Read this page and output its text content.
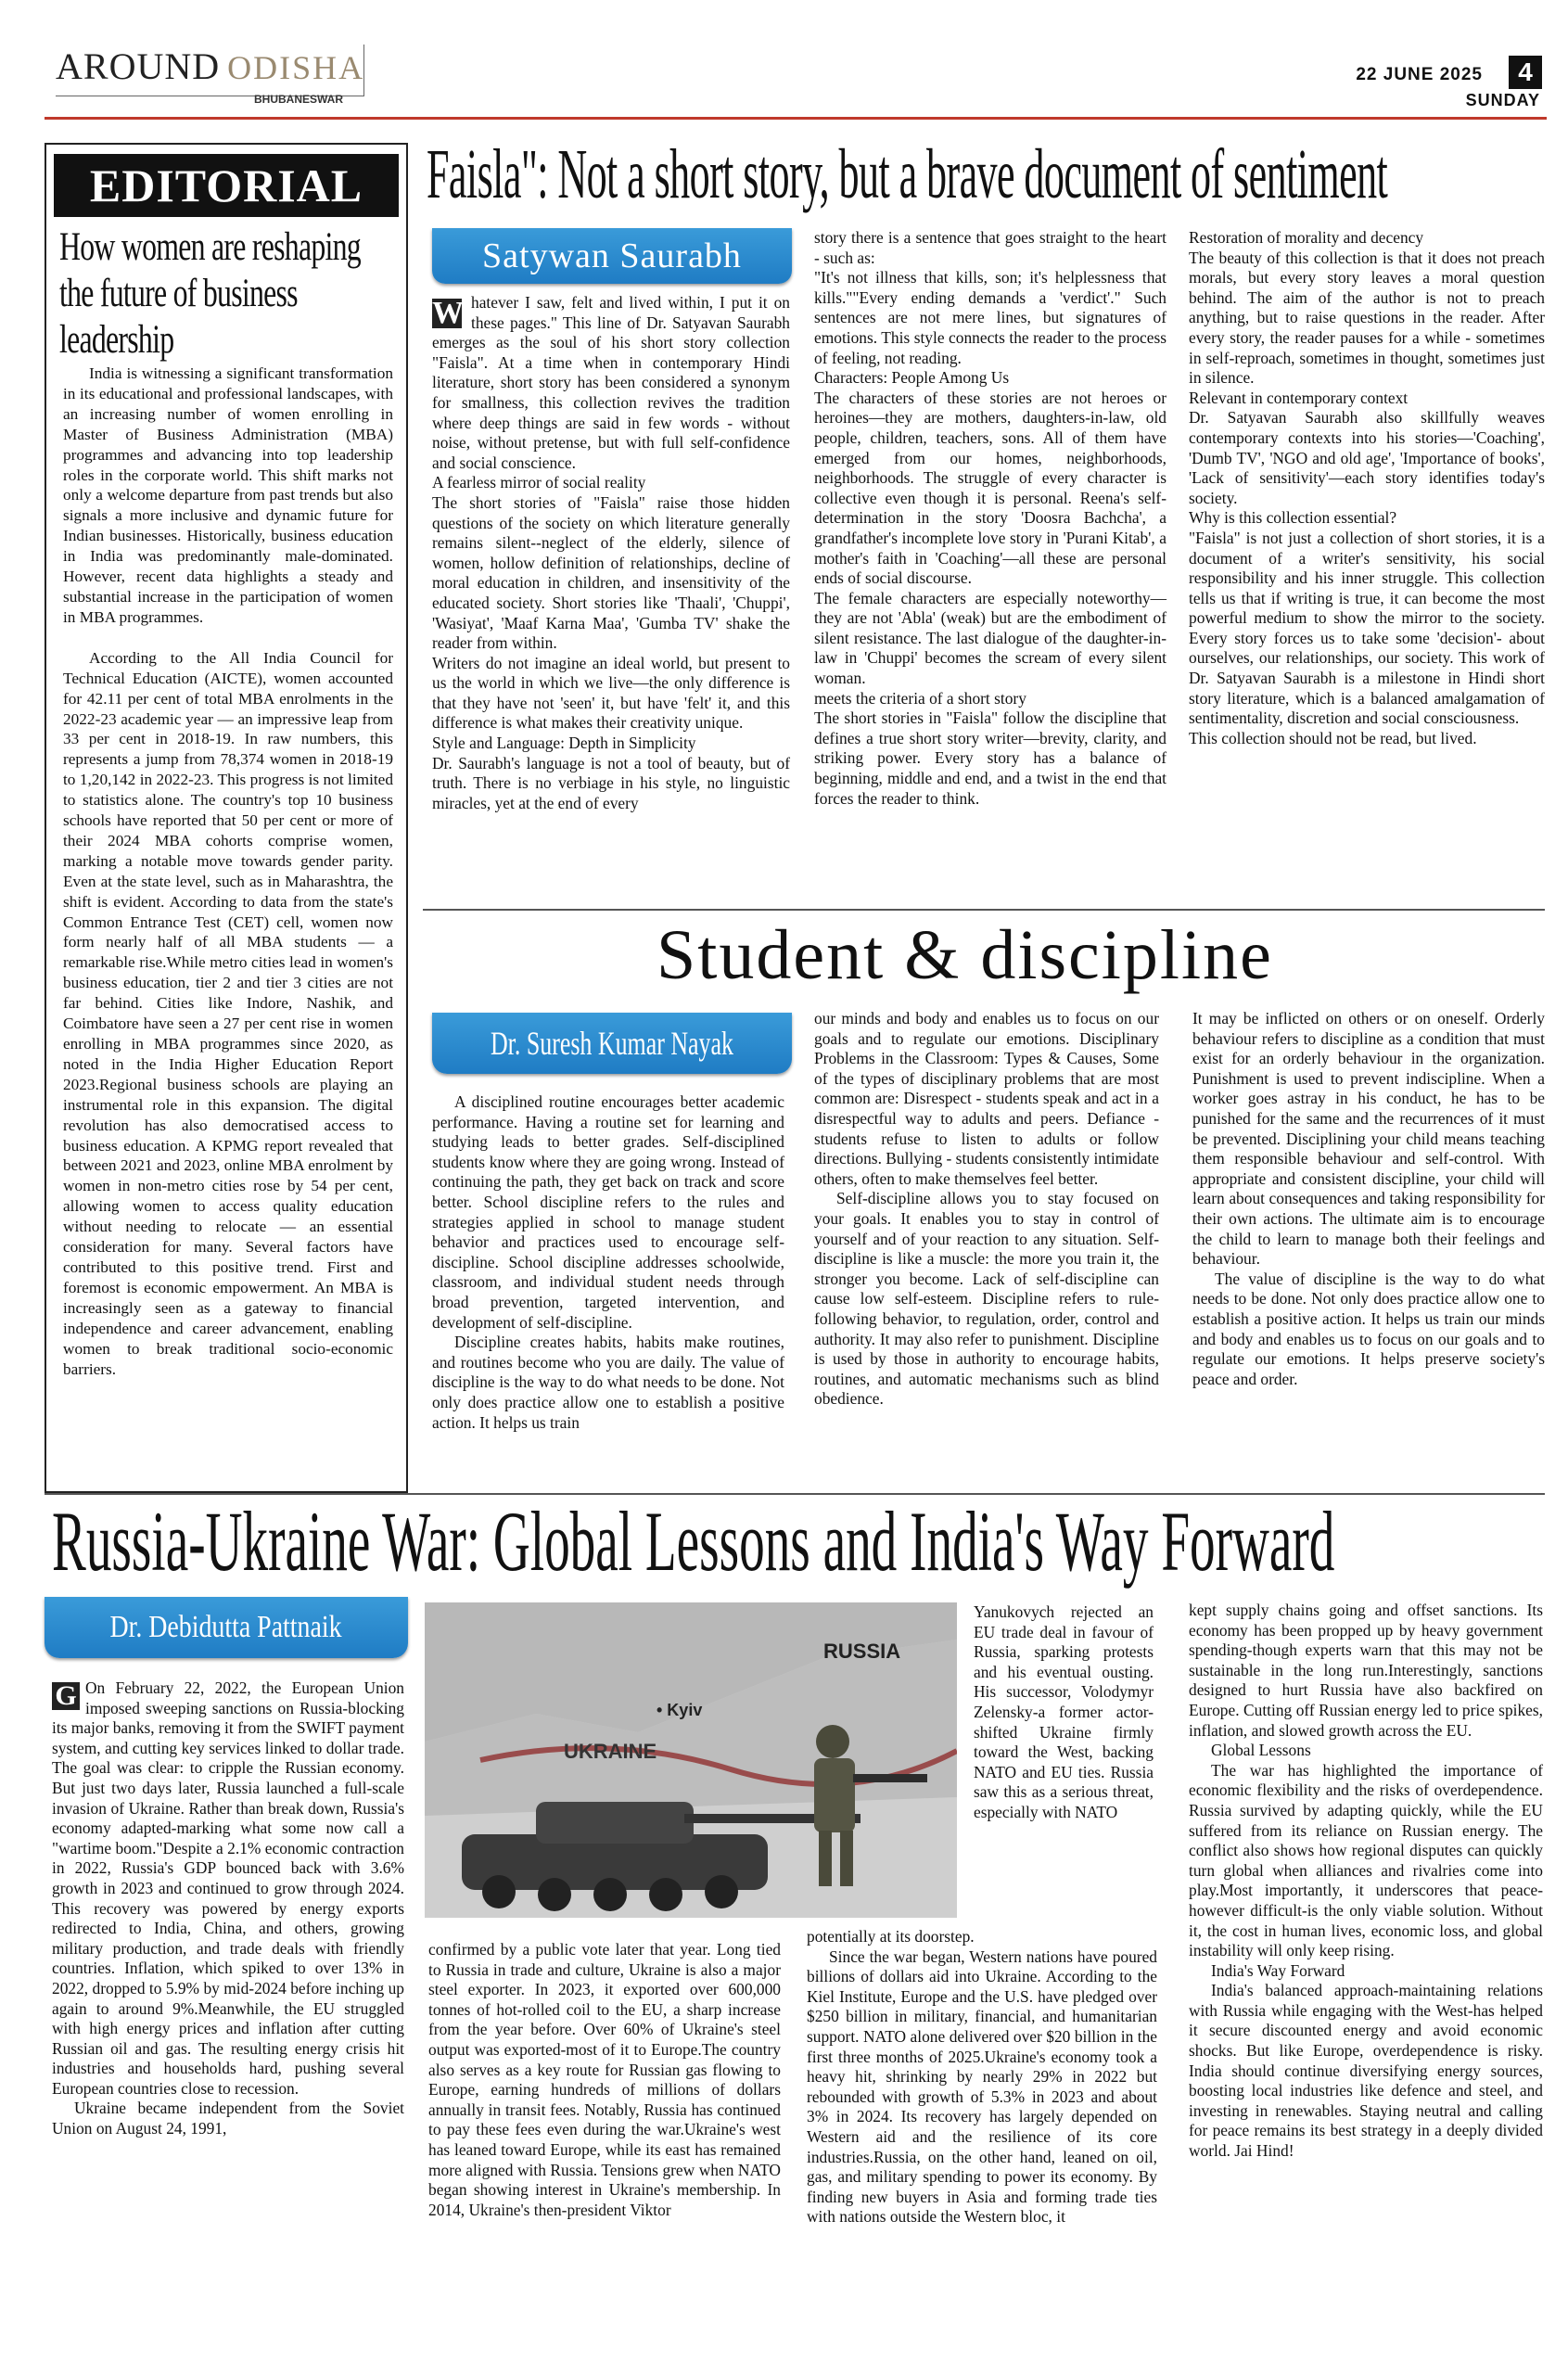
AROUND ODISHA
BHUBANESWAR
22 JUNE 2025	4
SUNDAY
EDITORIAL
How women are reshaping the future of business leadership

India is witnessing a significant transformation in its educational and professional landscapes, with an increasing number of women enrolling in Master of Business Administration (MBA) programmes and advancing into top leadership roles in the corporate world. This shift marks not only a welcome departure from past trends but also signals a more inclusive and dynamic future for Indian businesses. Historically, business education in India was predominantly male-dominated. However, recent data highlights a steady and substantial increase in the participation of women in MBA programmes.

According to the All India Council for Technical Education (AICTE), women accounted for 42.11 per cent of total MBA enrolments in the 2022-23 academic year — an impressive leap from 33 per cent in 2018-19. In raw numbers, this represents a jump from 78,374 women in 2018-19 to 1,20,142 in 2022-23. This progress is not limited to statistics alone. The country's top 10 business schools have reported that 50 per cent or more of their 2024 MBA cohorts comprise women, marking a notable move towards gender parity. Even at the state level, such as in Maharashtra, the shift is evident. According to data from the state's Common Entrance Test (CET) cell, women now form nearly half of all MBA students — a remarkable rise.While metro cities lead in women's business education, tier 2 and tier 3 cities are not far behind. Cities like Indore, Nashik, and Coimbatore have seen a 27 per cent rise in women enrolling in MBA programmes since 2020, as noted in the India Higher Education Report 2023.Regional business schools are playing an instrumental role in this expansion. The digital revolution has also democratised access to business education. A KPMG report revealed that between 2021 and 2023, online MBA enrolment by women in non-metro cities rose by 54 per cent, allowing women to access quality education without needing to relocate — an essential consideration for many. Several factors have contributed to this positive trend. First and foremost is economic empowerment. An MBA is increasingly seen as a gateway to financial independence and career advancement, enabling women to break traditional socio-economic barriers.

Faisla": Not a short story, but a brave document of sentiment
Satywan Saurabh
W hatever I saw, felt and lived within, I put it on these pages." This line of Dr. Satyavan Saurabh emerges as the soul of his short story collection "Faisla". At a time when in contemporary Hindi literature, short story has been considered a synonym for smallness, this collection revives the tradition where deep things are said in few words - without noise, without pretense, but with full self-confidence and social conscience.

A fearless mirror of social reality

The short stories of "Faisla" raise those hidden questions of the society on which literature generally remains silent--neglect of the elderly, silence of women, hollow definition of relationships, decline of moral education in children, and insensitivity of the educated society. Short stories like 'Thaali', 'Chuppi', 'Wasiyat', 'Maaf Karna Maa', 'Gumba TV' shake the reader from within.

Writers do not imagine an ideal world, but present to us the world in which we live—the only difference is that they have not 'seen' it, but have 'felt' it, and this difference is what makes their creativity unique.

Style and Language: Depth in Simplicity

Dr. Saurabh's language is not a tool of beauty, but of truth. There is no verbiage in his style, no linguistic miracles, yet at the end of every

story there is a sentence that goes straight to the heart - such as:

"It's not illness that kills, son; it's helplessness that kills.""Every ending demands a 'verdict'." Such sentences are not mere lines, but signatures of emotions. This style connects the reader to the process of feeling, not reading.

Characters: People Among Us

The characters of these stories are not heroes or heroines—they are mothers, daughters-in-law, old people, children, teachers, sons. All of them have emerged from our homes, neighborhoods, neighborhoods. The struggle of every character is collective even though it is personal. Reena's self-determination in the story 'Doosra Bachcha', a grandfather's incomplete love story in 'Purani Kitab', a mother's faith in 'Coaching'—all these are personal ends of social discourse.

The female characters are especially noteworthy—they are not 'Abla' (weak) but are the embodiment of silent resistance. The last dialogue of the daughter-in-law in 'Chuppi' becomes the scream of every silent woman.

meets the criteria of a short story

The short stories in "Faisla" follow the discipline that defines a true short story writer—brevity, clarity, and striking power. Every story has a balance of beginning, middle and end, and a twist in the end that forces the reader to think.

Restoration of morality and decency

The beauty of this collection is that it does not preach morals, but every story leaves a moral question behind. The aim of the author is not to preach anything, but to raise questions in the reader. After every story, the reader pauses for a while - sometimes in self-reproach, sometimes in thought, sometimes just in silence.

Relevant in contemporary context

Dr. Satyavan Saurabh also skillfully weaves contemporary contexts into his stories—'Coaching', 'Dumb TV', 'NGO and old age', 'Importance of books', 'Lack of sensitivity'—each story identifies today's society.

Why is this collection essential?

"Faisla" is not just a collection of short stories, it is a document of a writer's sensitivity, his social responsibility and his inner struggle. This collection tells us that if writing is true, it can become the most powerful medium to show the mirror to the society. Every story forces us to take some 'decision'- about ourselves, our relationships, our society. This work of Dr. Satyavan Saurabh is a milestone in Hindi short story literature, which is a balanced amalgamation of sentimentality, discretion and social consciousness.

This collection should not be read, but lived.

Student & discipline
Dr. Suresh Kumar Nayak

A disciplined routine encourages better academic performance. Having a routine set for learning and studying leads to better grades. Self-disciplined students know where they are going wrong. Instead of continuing the path, they get back on track and score better. School discipline refers to the rules and strategies applied in school to manage student behavior and practices used to encourage self-discipline. School discipline addresses schoolwide, classroom, and individual student needs through broad prevention, targeted intervention, and development of self-discipline.

Discipline creates habits, habits make routines, and routines become who you are daily. The value of discipline is the way to do what needs to be done. Not only does practice allow one to establish a positive action. It helps us train

our minds and body and enables us to focus on our goals and to regulate our emotions. Disciplinary Problems in the Classroom: Types & Causes, Some of the types of disciplinary problems that are most common are: Disrespect - students speak and act in a disrespectful way to adults and peers. Defiance - students refuse to listen to adults or follow directions. Bullying - students consistently intimidate others, often to make themselves feel better.

Self-discipline allows you to stay focused on your goals. It enables you to stay in control of yourself and of your reaction to any situation. Self-discipline is like a muscle: the more you train it, the stronger you become. Lack of self-discipline can cause low self-esteem. Discipline refers to rule-following behavior, to regulation, order, control and authority. It may also refer to punishment. Discipline is used by those in authority to encourage habits, routines, and automatic mechanisms such as blind obedience.

It may be inflicted on others or on oneself. Orderly behaviour refers to discipline as a condition that must exist for an orderly behaviour in the organization. Punishment is used to prevent indiscipline. When a worker goes astray in his conduct, he has to be punished for the same and the recurrences of it must be prevented. Disciplining your child means teaching them responsible behaviour and self-control. With appropriate and consistent discipline, your child will learn about consequences and taking responsibility for their own actions. The ultimate aim is to encourage the child to learn to manage both their feelings and behaviour.

The value of discipline is the way to do what needs to be done. Not only does practice allow one to establish a positive action. It helps us train our minds and body and enables us to focus on our goals and to regulate our emotions. It helps preserve society's peace and order.

Russia-Ukraine War: Global Lessons and India's Way Forward
Dr. Debidutta Pattnaik
G On February 22, 2022, the European Union imposed sweeping sanctions on Russia-blocking its major banks, removing it from the SWIFT payment system, and cutting key services linked to dollar trade. The goal was clear: to cripple the Russian economy. But just two days later, Russia launched a full-scale invasion of Ukraine. Rather than break down, Russia's economy adapted-marking what some now call a "wartime boom."Despite a 2.1% economic contraction in 2022, Russia's GDP bounced back with 3.6% growth in 2023 and continued to grow through 2024. This recovery was powered by energy exports redirected to India, China, and others, growing military production, and trade deals with friendly countries. Inflation, which spiked to over 13% in 2022, dropped to 5.9% by mid-2024 before inching up again to around 9%.Meanwhile, the EU struggled with high energy prices and inflation after cutting Russian oil and gas. The resulting energy crisis hit industries and households hard, pushing several European countries close to recession.

Ukraine became independent from the Soviet Union on August 24, 1991,

RUSSIA
UKRAINE
• Kyiv

Yanukovych rejected an EU trade deal in favour of Russia, sparking protests and his eventual ousting. His successor, Volodymyr Zelensky-a former actor-shifted Ukraine firmly toward the West, backing NATO and EU ties. Russia saw this as a serious threat, especially with NATO

confirmed by a public vote later that year. Long tied to Russia in trade and culture, Ukraine is also a major steel exporter. In 2023, it exported over 600,000 tonnes of hot-rolled coil to the EU, a sharp increase from the year before. Over 60% of Ukraine's steel output was exported-most of it to Europe.The country also serves as a key route for Russian gas flowing to Europe, earning hundreds of millions of dollars annually in transit fees. Notably, Russia has continued to pay these fees even during the war.Ukraine's west has leaned toward Europe, while its east has remained more aligned with Russia. Tensions grew when NATO began showing interest in Ukraine's membership. In 2014, Ukraine's then-president Viktor

potentially at its doorstep.

Since the war began, Western nations have poured billions of dollars aid into Ukraine. According to the Kiel Institute, Europe and the U.S. have pledged over $250 billion in military, financial, and humanitarian support. NATO alone delivered over $20 billion in the first three months of 2025.Ukraine's economy took a heavy hit, shrinking by nearly 29% in 2022 but rebounded with growth of 5.3% in 2023 and about 3% in 2024. Its recovery has largely depended on Western aid and the resilience of its core industries.Russia, on the other hand, leaned on oil, gas, and military spending to power its economy. By finding new buyers in Asia and forming trade ties with nations outside the Western bloc, it

kept supply chains going and offset sanctions. Its economy has been propped up by heavy government spending-though experts warn that this may not be sustainable in the long run.Interestingly, sanctions designed to hurt Russia have also backfired on Europe. Cutting off Russian energy led to price spikes, inflation, and slowed growth across the EU.

Global Lessons

The war has highlighted the importance of economic flexibility and the risks of overdependence. Russia survived by adapting quickly, while the EU suffered from its reliance on Russian energy. The conflict also shows how regional disputes can quickly turn global when alliances and rivalries come into play.Most importantly, it underscores that peace-however difficult-is the only viable solution. Without it, the cost in human lives, economic loss, and global instability will only keep rising.

India's Way Forward

India's balanced approach-maintaining relations with Russia while engaging with the West-has helped it secure discounted energy and avoid economic shocks. But like Europe, overdependence is risky. India should continue diversifying energy sources, boosting local industries like defence and steel, and investing in renewables. Staying neutral and calling for peace remains its best strategy in a deeply divided world. Jai Hind!
